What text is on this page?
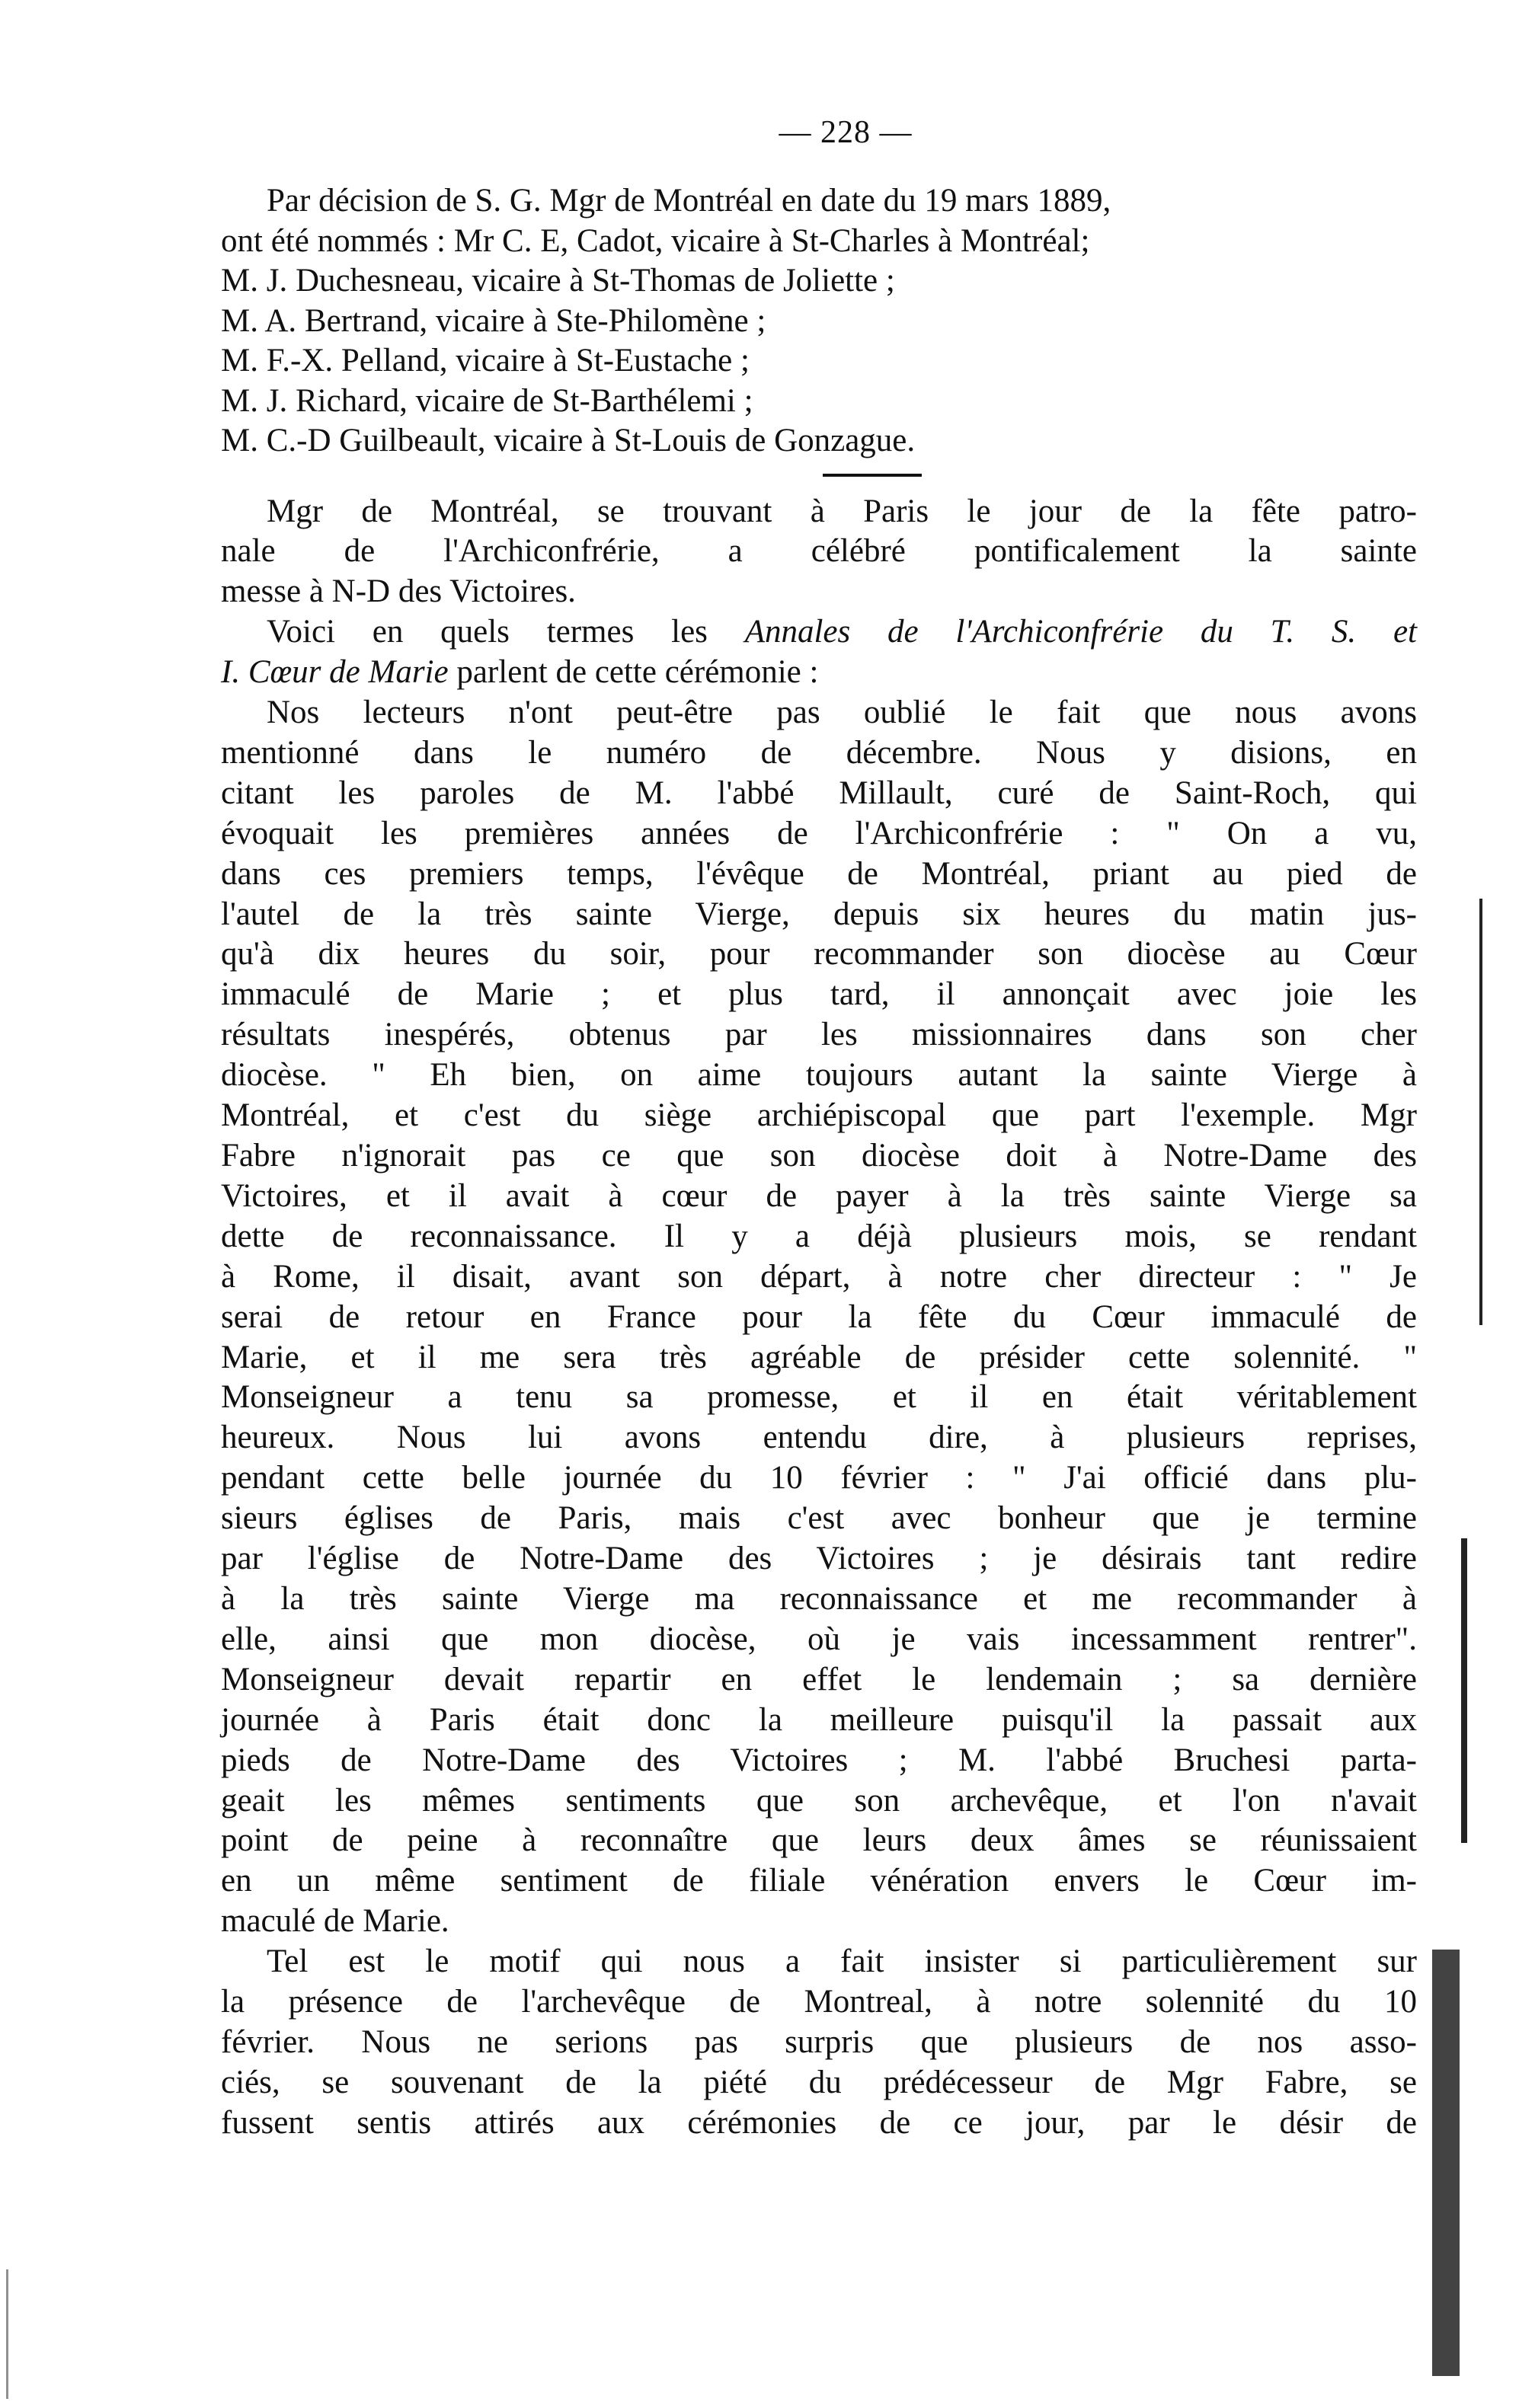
— 228 —
Par décision de S. G. Mgr de Montréal en date du 19 mars 1889,
ont été nommés : Mr C. E, Cadot, vicaire à St-Charles à Montréal;
M. J. Duchesneau, vicaire à St-Thomas de Joliette ;
M. A. Bertrand, vicaire à Ste-Philomène ;
M. F.-X. Pelland, vicaire à St-Eustache ;
M. J. Richard, vicaire de St-Barthélemi ;
M. C.-D Guilbeault, vicaire à St-Louis de Gonzague.
Mgr de Montréal, se trouvant à Paris le jour de la fête patro-
nale de l'Archiconfrérie, a célébré pontificalement la sainte
messe à N-D des Victoires.
Voici en quels termes les Annales de l'Archiconfrérie du T. S. et
I. Cœur de Marie parlent de cette cérémonie :
Nos lecteurs n'ont peut-être pas oublié le fait que nous avons
mentionné dans le numéro de décembre. Nous y disions, en
citant les paroles de M. l'abbé Millault, curé de Saint-Roch, qui
évoquait les premières années de l'Archiconfrérie : " On a vu,
dans ces premiers temps, l'évêque de Montréal, priant au pied de
l'autel de la très sainte Vierge, depuis six heures du matin jus-
qu'à dix heures du soir, pour recommander son diocèse au Cœur
immaculé de Marie ; et plus tard, il annonçait avec joie les
résultats inespérés, obtenus par les missionnaires dans son cher
diocèse. " Eh bien, on aime toujours autant la sainte Vierge à
Montréal, et c'est du siège archiépiscopal que part l'exemple. Mgr
Fabre n'ignorait pas ce que son diocèse doit à Notre-Dame des
Victoires, et il avait à cœur de payer à la très sainte Vierge sa
dette de reconnaissance. Il y a déjà plusieurs mois, se rendant
à Rome, il disait, avant son départ, à notre cher directeur : " Je
serai de retour en France pour la fête du Cœur immaculé de
Marie, et il me sera très agréable de présider cette solennité. "
Monseigneur a tenu sa promesse, et il en était véritablement
heureux. Nous lui avons entendu dire, à plusieurs reprises,
pendant cette belle journée du 10 février : " J'ai officié dans plu-
sieurs églises de Paris, mais c'est avec bonheur que je termine
par l'église de Notre-Dame des Victoires ; je désirais tant redire
à la très sainte Vierge ma reconnaissance et me recommander à
elle, ainsi que mon diocèse, où je vais incessamment rentrer".
Monseigneur devait repartir en effet le lendemain ; sa dernière
journée à Paris était donc la meilleure puisqu'il la passait aux
pieds de Notre-Dame des Victoires ; M. l'abbé Bruchesi parta-
geait les mêmes sentiments que son archevêque, et l'on n'avait
point de peine à reconnaître que leurs deux âmes se réunissaient
en un même sentiment de filiale vénération envers le Cœur im-
maculé de Marie.
Tel est le motif qui nous a fait insister si particulièrement sur
la présence de l'archevêque de Montreal, à notre solennité du 10
février. Nous ne serions pas surpris que plusieurs de nos asso-
ciés, se souvenant de la piété du prédécesseur de Mgr Fabre, se
fussent sentis attirés aux cérémonies de ce jour, par le désir de
